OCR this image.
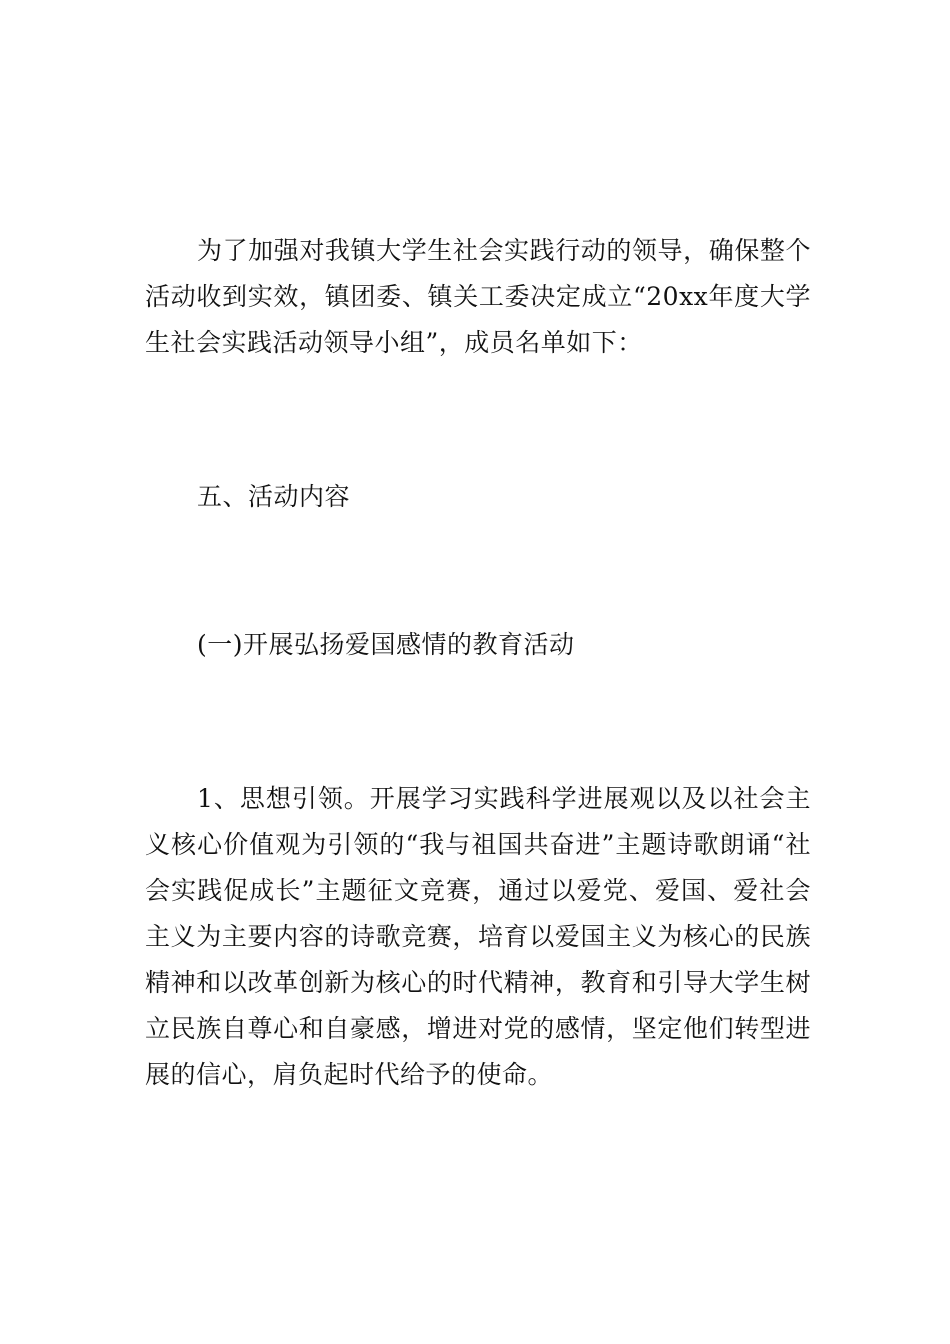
为了加强对我镇大学生社会实践行动的领导，确保整个活动收到实效，镇团委、镇关工委决定成立“20xx年度大学生社会实践活动领导小组”，成员名单如下：

五、活动内容

(一)开展弘扬爱国感情的教育活动

1、思想引领。开展学习实践科学进展观以及以社会主义核心价值观为引领的“我与祖国共奋进”主题诗歌朗诵“社会实践促成长”主题征文竞赛，通过以爱党、爱国、爱社会主义为主要内容的诗歌竞赛，培育以爱国主义为核心的民族精神和以改革创新为核心的时代精神，教育和引导大学生树立民族自尊心和自豪感，增进对党的感情，坚定他们转型进展的信心，肩负起时代给予的使命。
